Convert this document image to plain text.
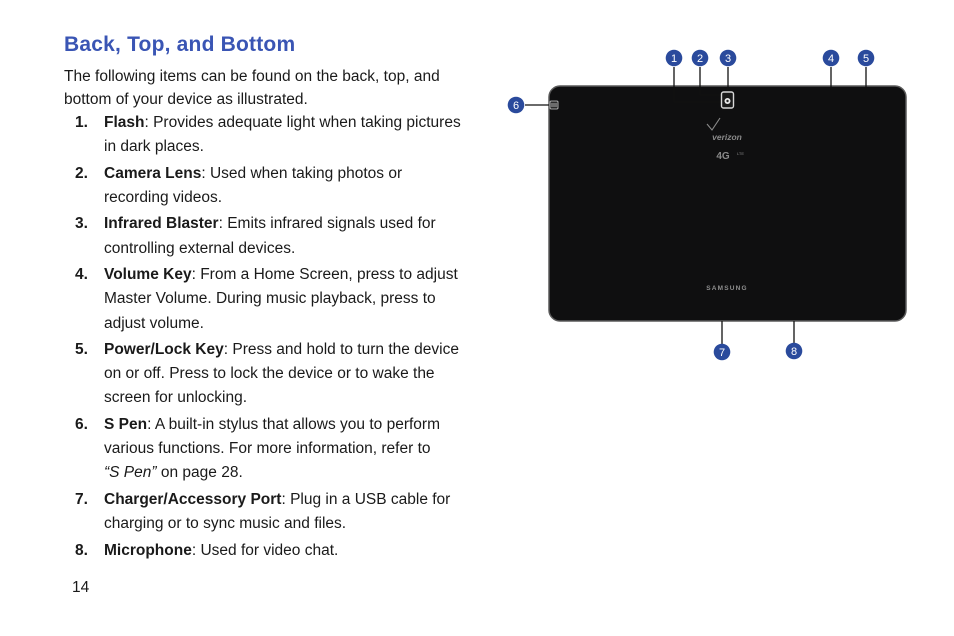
Back, Top, and Bottom
The following items can be found on the back, top, and bottom of your device as illustrated.
1. Flash: Provides adequate light when taking pictures in dark places.
2. Camera Lens: Used when taking photos or recording videos.
3. Infrared Blaster: Emits infrared signals used for controlling external devices.
4. Volume Key: From a Home Screen, press to adjust Master Volume. During music playback, press to adjust volume.
5. Power/Lock Key: Press and hold to turn the device on or off. Press to lock the device or to wake the screen for unlocking.
6. S Pen: A built-in stylus that allows you to perform various functions. For more information, refer to
“S Pen” on page 28.
7. Charger/Accessory Port: Plug in a USB cable for charging or to sync music and files.
8. Microphone: Used for video chat.
14
verizon
4G LTE
SAMSUNG
1 2 3	4	5
6
7	8
